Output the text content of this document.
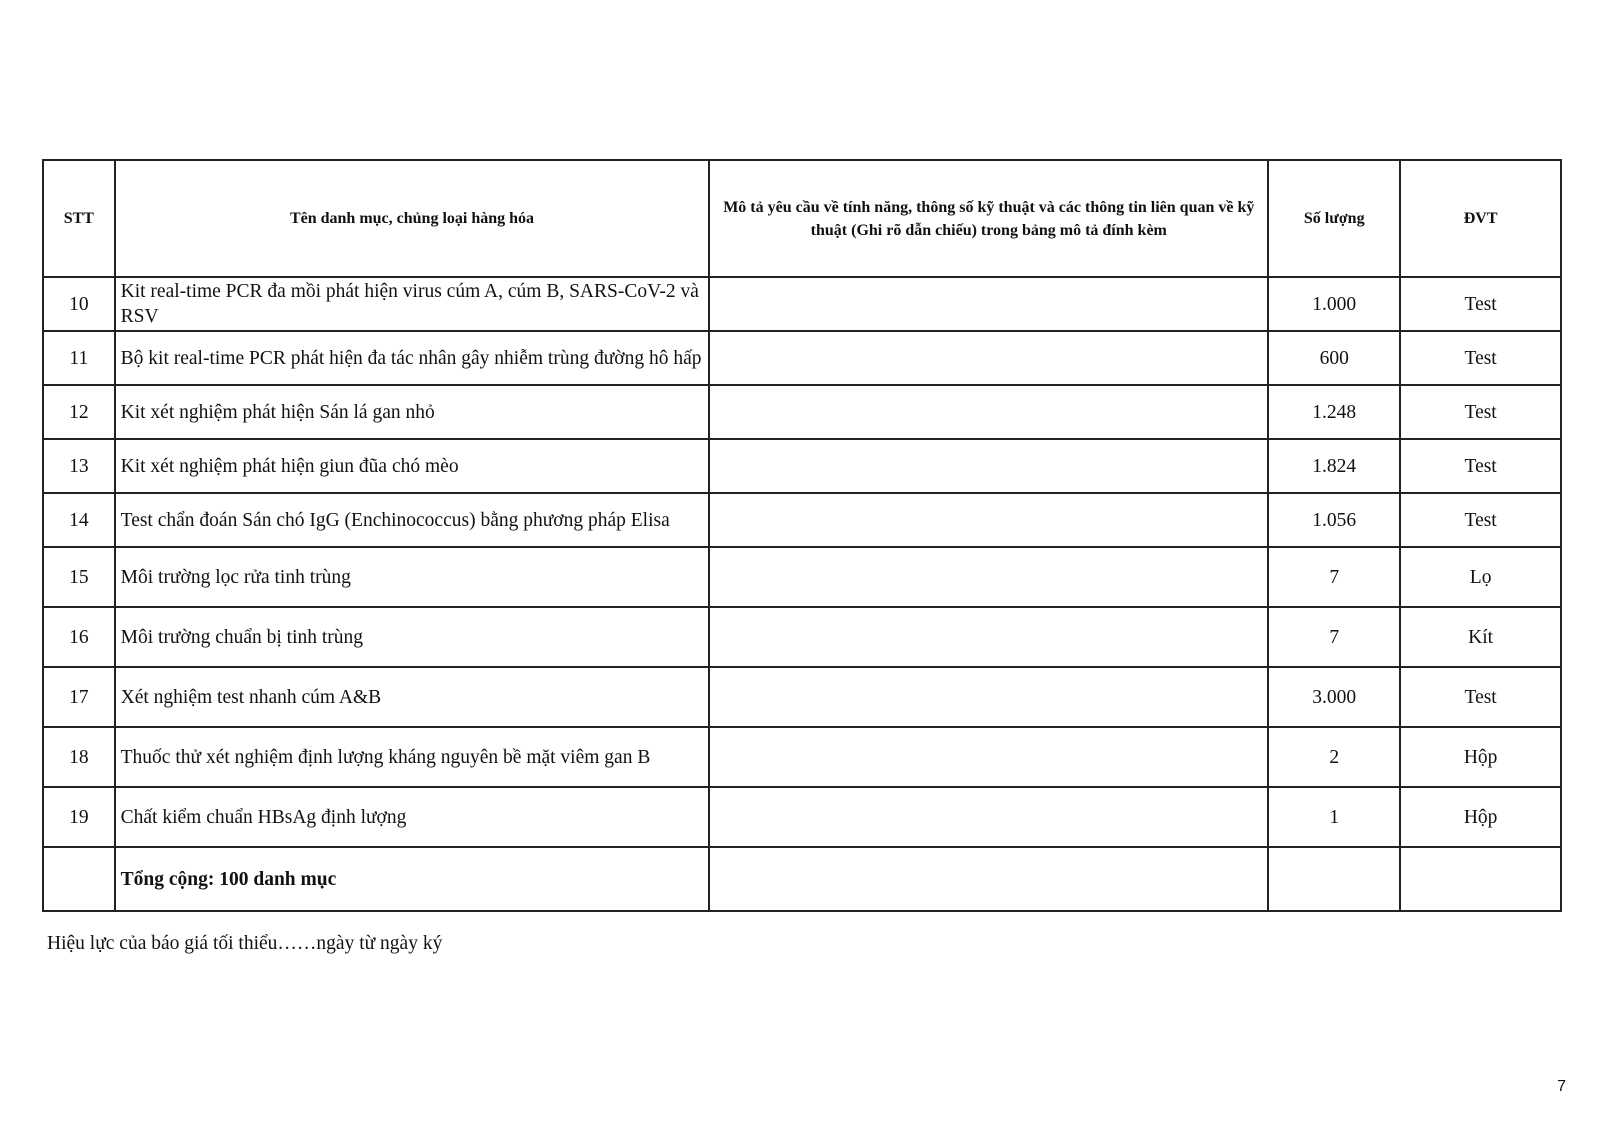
STT	Tên danh mục, chủng loại hàng hóa	Mô tả yêu cầu về tính năng, thông số kỹ thuật và các thông tin liên quan về kỹ thuật (Ghi rõ dẫn chiếu) trong bảng mô tả đính kèm	Số lượng	ĐVT
10	Kit real-time PCR đa mồi phát hiện virus cúm A, cúm B, SARS-CoV-2 và RSV		1.000	Test
11	Bộ kit real-time PCR phát hiện đa tác nhân gây nhiễm trùng đường hô hấp		600	Test
12	Kit xét nghiệm phát hiện Sán lá gan nhỏ		1.248	Test
13	Kit xét nghiệm phát hiện giun đũa chó mèo		1.824	Test
14	Test chẩn đoán Sán chó IgG (Enchinococcus) bằng phương pháp Elisa		1.056	Test
15	Môi trường lọc rửa tinh trùng		7	Lọ
16	Môi trường chuẩn bị tinh trùng		7	Kít
17	Xét nghiệm test nhanh cúm A&B		3.000	Test
18	Thuốc thử xét nghiệm định lượng kháng nguyên bề mặt viêm gan B		2	Hộp
19	Chất kiểm chuẩn HBsAg định lượng		1	Hộp
	Tổng cộng: 100 danh mục			
Hiệu lực của báo giá tối thiểu……ngày từ ngày ký
7
